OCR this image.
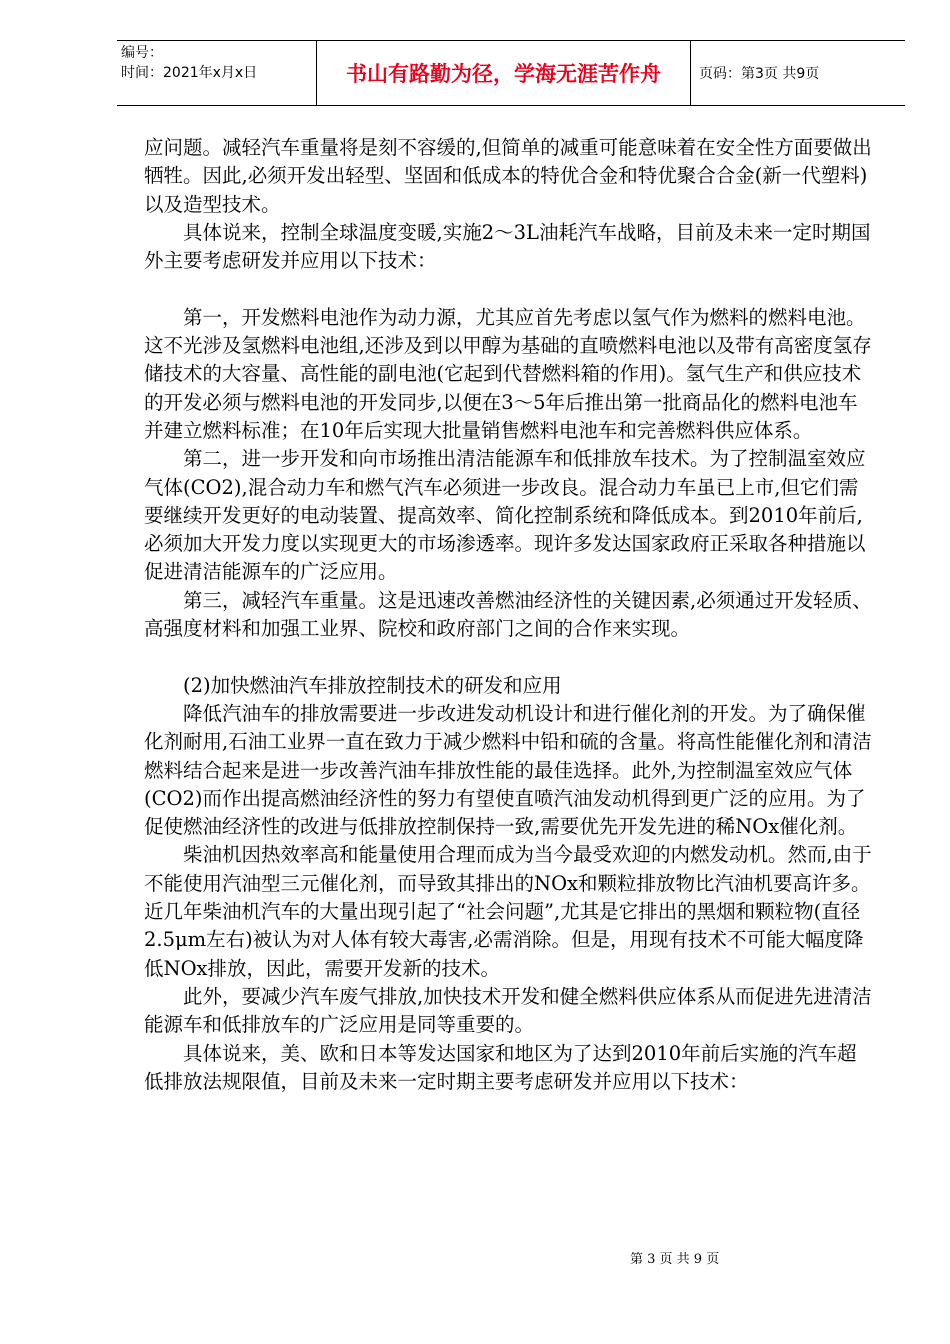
编号：
时间：2021年x月x日	书山有路勤为径，学海无涯苦作舟	页码：第3页 共9页

应问题。减轻汽车重量将是刻不容缓的,但简单的减重可能意味着在安全性方面要做出牺牲。因此,必须开发出轻型、坚固和低成本的特优合金和特优聚合合金(新一代塑料)以及造型技术。

具体说来，控制全球温度变暖,实施2～3L油耗汽车战略，目前及未来一定时期国外主要考虑研发并应用以下技术：

第一，开发燃料电池作为动力源，尤其应首先考虑以氢气作为燃料的燃料电池。这不光涉及氢燃料电池组,还涉及到以甲醇为基础的直喷燃料电池以及带有高密度氢存储技术的大容量、高性能的副电池(它起到代替燃料箱的作用)。氢气生产和供应技术的开发必须与燃料电池的开发同步,以便在3～5年后推出第一批商品化的燃料电池车并建立燃料标准；在10年后实现大批量销售燃料电池车和完善燃料供应体系。

第二，进一步开发和向市场推出清洁能源车和低排放车技术。为了控制温室效应气体(CO2),混合动力车和燃气汽车必须进一步改良。混合动力车虽已上市,但它们需要继续开发更好的电动装置、提高效率、简化控制系统和降低成本。到2010年前后,必须加大开发力度以实现更大的市场渗透率。现许多发达国家政府正采取各种措施以促进清洁能源车的广泛应用。

第三，减轻汽车重量。这是迅速改善燃油经济性的关键因素,必须通过开发轻质、高强度材料和加强工业界、院校和政府部门之间的合作来实现。

(2)加快燃油汽车排放控制技术的研发和应用

降低汽油车的排放需要进一步改进发动机设计和进行催化剂的开发。为了确保催化剂耐用,石油工业界一直在致力于减少燃料中铅和硫的含量。将高性能催化剂和清洁燃料结合起来是进一步改善汽油车排放性能的最佳选择。此外,为控制温室效应气体(CO2)而作出提高燃油经济性的努力有望使直喷汽油发动机得到更广泛的应用。为了促使燃油经济性的改进与低排放控制保持一致,需要优先开发先进的稀NOx催化剂。

柴油机因热效率高和能量使用合理而成为当今最受欢迎的内燃发动机。然而,由于不能使用汽油型三元催化剂，而导致其排出的NOx和颗粒排放物比汽油机要高许多。近几年柴油机汽车的大量出现引起了“社会问题”,尤其是它排出的黑烟和颗粒物(直径2.5μm左右)被认为对人体有较大毒害,必需消除。但是，用现有技术不可能大幅度降低NOx排放，因此，需要开发新的技术。

此外，要减少汽车废气排放,加快技术开发和健全燃料供应体系从而促进先进清洁能源车和低排放车的广泛应用是同等重要的。

具体说来，美、欧和日本等发达国家和地区为了达到2010年前后实施的汽车超低排放法规限值，目前及未来一定时期主要考虑研发并应用以下技术：

第 3 页 共 9 页
